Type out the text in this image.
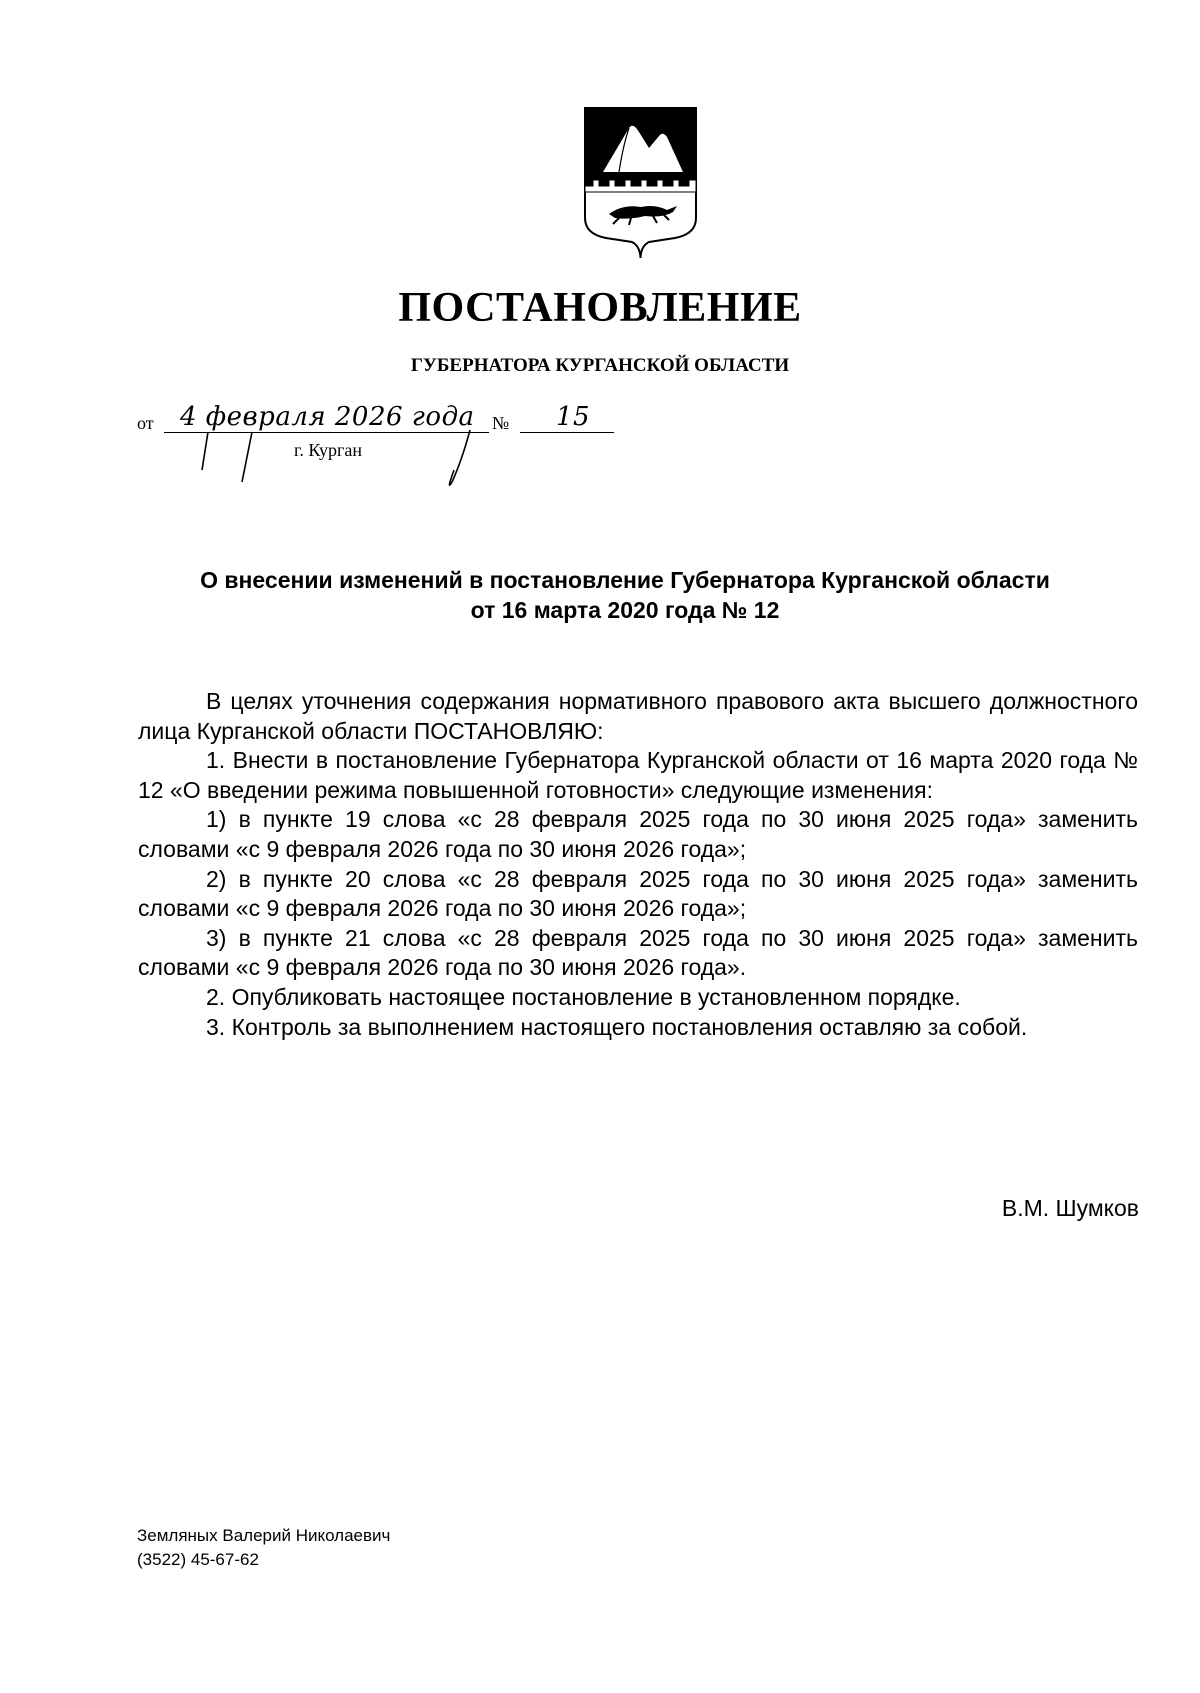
ПОСТАНОВЛЕНИЕ
ГУБЕРНАТОРА КУРГАНСКОЙ ОБЛАСТИ
от 4 февраля 2026 года № 15
г. Курган
О внесении изменений в постановление Губернатора Курганской области
от 16 марта 2020 года № 12

В целях уточнения содержания нормативного правового акта высшего должностного лица Курганской области ПОСТАНОВЛЯЮ:

1. Внести в постановление Губернатора Курганской области от 16 марта 2020 года № 12 «О введении режима повышенной готовности» следующие изменения:

1) в пункте 19 слова «с 28 февраля 2025 года по 30 июня 2025 года» заменить словами «с 9 февраля 2026 года по 30 июня 2026 года»;

2) в пункте 20 слова «с 28 февраля 2025 года по 30 июня 2025 года» заменить словами «с 9 февраля 2026 года по 30 июня 2026 года»;

3) в пункте 21 слова «с 28 февраля 2025 года по 30 июня 2025 года» заменить словами «с 9 февраля 2026 года по 30 июня 2026 года».

2. Опубликовать настоящее постановление в установленном порядке.

3. Контроль за выполнением настоящего постановления оставляю за собой.

В.М. Шумков
Земляных Валерий Николаевич
(3522) 45-67-62
